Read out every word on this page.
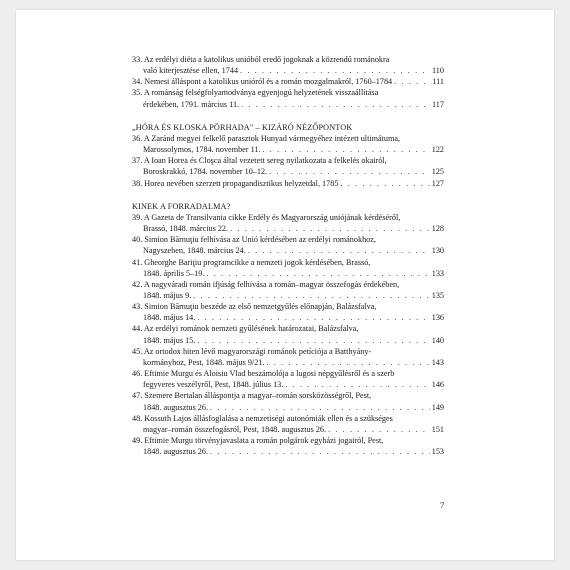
33. Az erdélyi diéta a katolikus unióból eredő jogoknak a közrendű románokra
való kiterjesztése ellen, 1744 . . .	110
34. Nemesi álláspont a katolikus unióról és a román mozgalmakról, 1760–1784 . . .	111
35. A románság felségfolyamodványa egyenjogú helyzetének visszaállítása
érdekében, 1791. március 11. . . .	117
„HÓRA ÉS KLOSKA PÖRHADA" – KIZÁRÓ NÉZŐPONTOK
36. A Zaránd megyei felkelő parasztok Hunyad vármegyéhez intézett ultimátuma,
Marossolymos, 1784. november 11. . . .	122
37. A Ioan Horea és Cloşca által vezetett sereg nyilatkozata a felkelés okairól,
Boroskrakkó, 1784. november 10–12. . . .	125
38. Horea nevében szerzett propagandisztikus helyzetdal, 1785 . . .	127
KINEK A FORRADALMA?
39. A Gazeta de Transilvania cikke Erdély és Magyarország uniójának kérdéséről,
Brassó, 1848. március 22. . . .	128
40. Simion Bărnuţiu felhívása az Unió kérdésében az erdélyi románokhoz,
Nagyszeben, 1848. március 24. . . .	130
41. Gheorghe Bariţiu programcikke a nemzeti jogok kérdésében, Brassó,
1848. április 5–19. . . .	133
42. A nagyváradi román ifjúság felhívása a román–magyar összefogás érdekében,
1848. május 9. . . .	135
43. Simion Bărnuţiu beszéde az első nemzetgyűlés előnapján, Balázsfalva,
1848. május 14. . . .	136
44. Az erdélyi románok nemzeti gyűlésének határozatai, Balázsfalva,
1848. május 15. . . .	140
45. Az ortodox hiten lévő magyarországi románok petíciója a Batthyány-
kormányhoz, Pest, 1848. május 9/21. . . .	143
46. Eftimie Murgu és Aloisiu Vlad beszámolója a lugosi népgyűlésről és a szerb
fegyveres veszélyről, Pest, 1848. július 13. . . .	146
47. Szemere Bertalan álláspontja a magyar–román sorsközösségről, Pest,
1848. augusztus 26. . . .	149
48. Kossuth Lajos állásfoglalása a nemzetiségi autonómiák ellen és a szükséges
magyar–román összefogásról, Pest, 1848. augusztus 26. . . .	151
49. Eftimie Murgu törvényjavaslata a román polgárok egyházi jogairól, Pest,
1848. augusztus 26. . . .	153
7
